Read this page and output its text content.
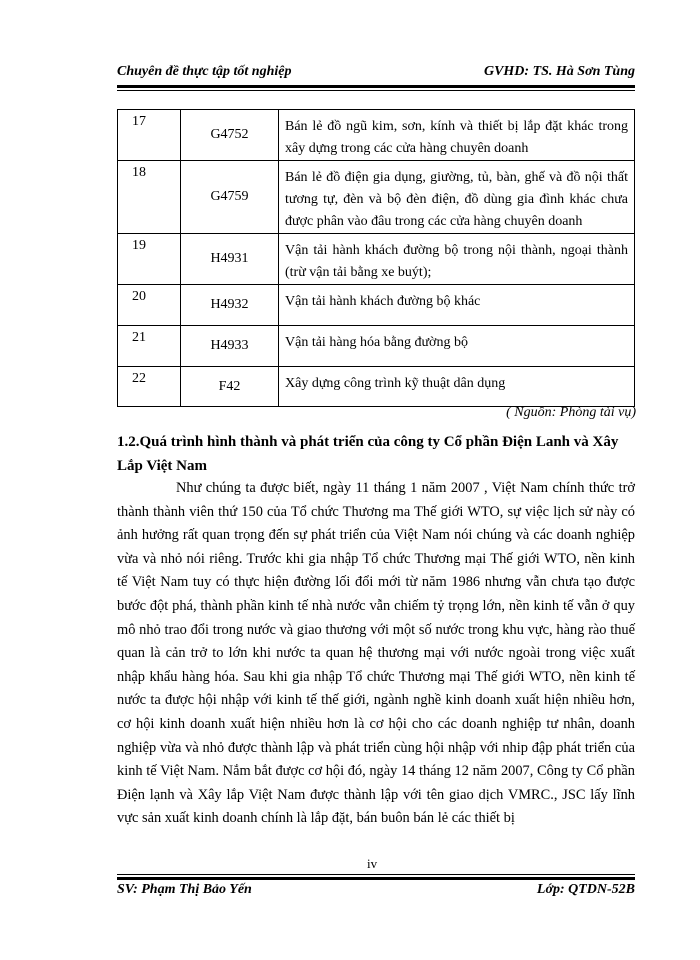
Chuyên đề thực tập tốt nghiệp	GVHD: TS. Hà Sơn Tùng
17	G4752	Bán lẻ đồ ngũ kim, sơn, kính và thiết bị lắp đặt khác trong xây dựng trong các cửa hàng chuyên doanh
18	G4759	Bán lẻ đồ điện gia dụng, giường, tủ, bàn, ghế và đồ nội thất tương tự, đèn và bộ đèn điện, đồ dùng gia đình khác chưa được phân vào đâu trong các cửa hàng chuyên doanh
19	H4931	Vận tải hành khách đường bộ trong nội thành, ngoại thành (trừ vận tải bằng xe buýt);
20	H4932	Vận tải hành khách đường bộ khác
21	H4933	Vận tải hàng hóa bằng đường bộ
22	F42	Xây dựng công trình kỹ thuật dân dụng
( Nguồn: Phòng tài vụ)
1.2.Quá trình hình thành và phát triển của công ty Cổ phần Điện Lanh và Xây Lắp Việt Nam
Như chúng ta được biết, ngày 11 tháng 1 năm 2007 , Việt Nam chính thức trở thành thành viên thứ 150 của Tổ chức Thương ma Thế giới WTO, sự việc lịch sử này có ảnh hưởng rất quan trọng đến sự phát triển của Việt Nam nói chúng và các doanh nghiệp vừa và nhỏ nói riêng. Trước khi gia nhập Tổ chức Thương mại Thế giới WTO, nền kinh tế Việt Nam tuy có thực hiện đường lối đổi mới từ năm 1986 nhưng vẫn chưa tạo được bước đột phá, thành phần kinh tế nhà nước vẫn chiếm tỷ trọng lớn, nền kinh tế vẫn ở quy mô nhỏ trao đổi trong nước và giao thương với một số nước trong khu vực, hàng rào thuế quan là cản trở to lớn khi nước ta quan hệ thương mại với nước ngoài trong việc xuất nhập khẩu hàng hóa. Sau khi gia nhập Tổ chức Thương mại Thế giới WTO, nền kinh tế nước ta được hội nhập với kinh tế thế giới, ngành nghề kinh doanh xuất hiện nhiều hơn, cơ hội kinh doanh xuất hiện nhiều hơn là cơ hội cho các doanh nghiệp tư nhân, doanh nghiệp vừa và nhỏ được thành lập và phát triển cùng hội nhập với nhip đập phát triển của kinh tế Việt Nam. Nắm bắt được cơ hội đó, ngày 14 tháng 12 năm 2007, Công ty Cổ phần Điện lạnh và Xây lắp Việt Nam được thành lập với tên giao dịch VMRC., JSC lấy lĩnh vực sản xuất kinh doanh chính là lắp đặt, bán buôn bán lẻ các thiết bị
iv
SV: Phạm Thị Bảo Yến	Lớp: QTDN-52B
